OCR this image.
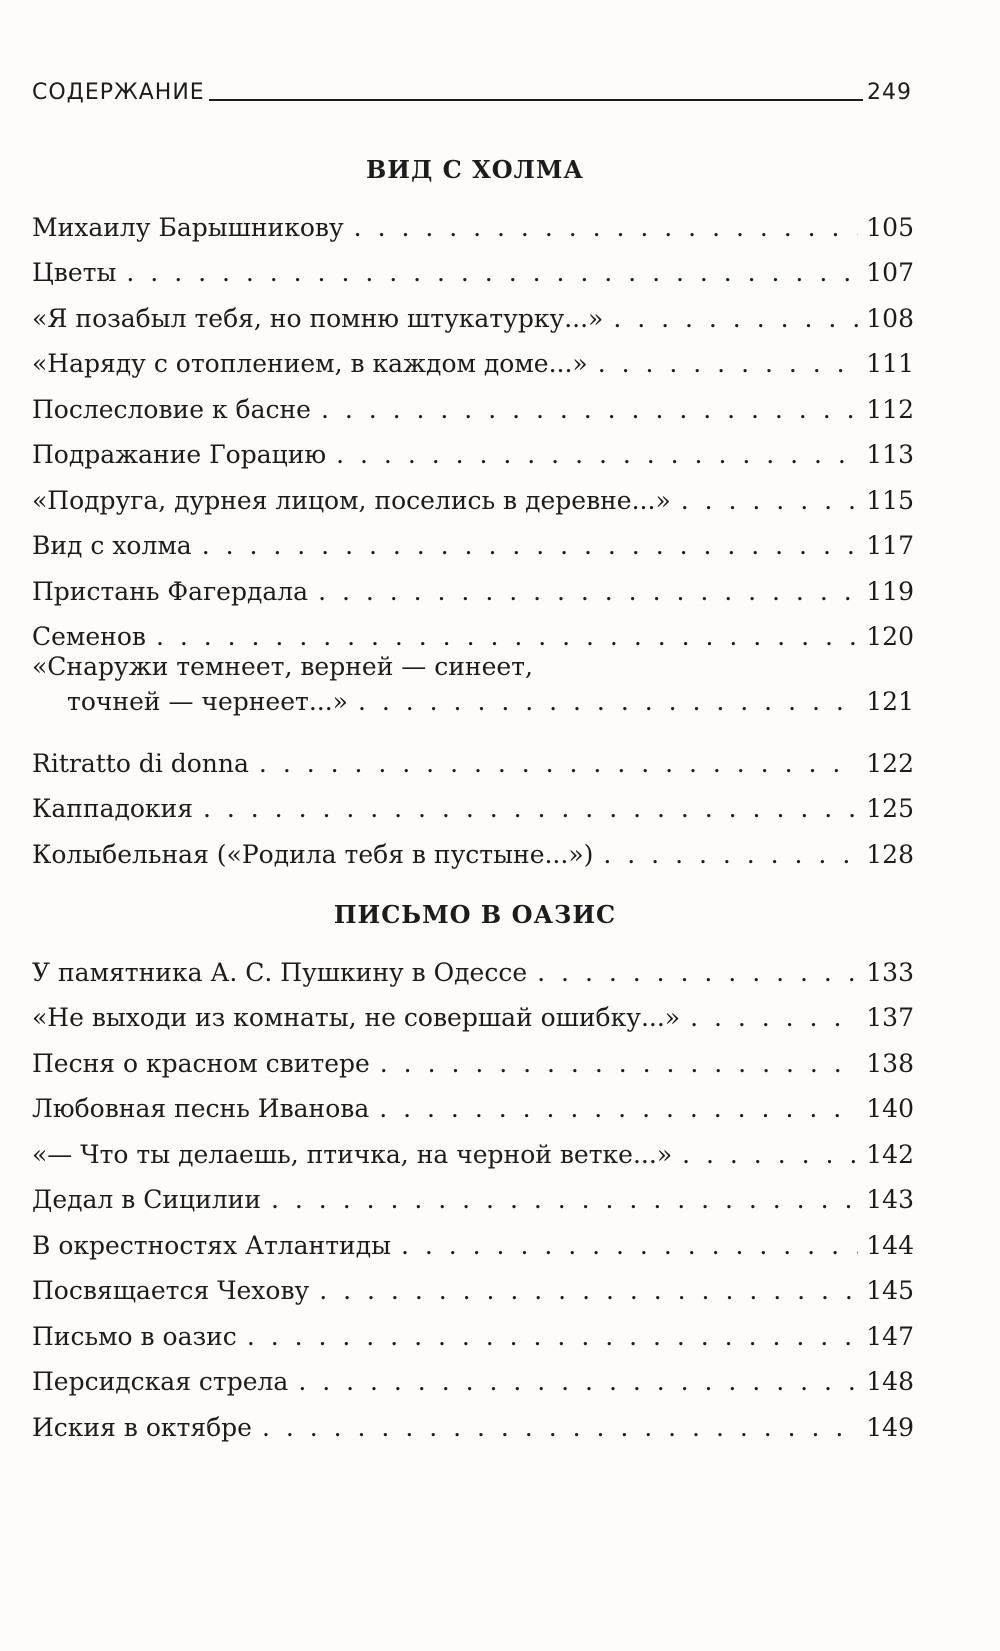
СОДЕРЖАНИЕ	249
ВИД С ХОЛМА
Михаилу Барышникову . . .	105
Цветы . . .	107
«Я позабыл тебя, но помню штукатурку...» . . .	108
«Наряду с отоплением, в каждом доме...» . . .	111
Послесловие к басне . . .	112
Подражание Горацию . . .	113
«Подруга, дурнея лицом, поселись в деревне...» . . .	115
Вид с холма . . .	117
Пристань Фагердала . . .	119
Семенов . . .	120
«Снаружи темнеет, верней — синеет,
точней — чернеет...» . . .	121
Ritratto di donna . . .	122
Каппадокия . . .	125
Колыбельная («Родила тебя в пустыне...») . . .	128
ПИСЬМО В ОАЗИС
У памятника А. С. Пушкину в Одессе . . .	133
«Не выходи из комнаты, не совершай ошибку...» . . .	137
Песня о красном свитере . . .	138
Любовная песнь Иванова . . .	140
«— Что ты делаешь, птичка, на черной ветке...» . . .	142
Дедал в Сицилии . . .	143
В окрестностях Атлантиды . . .	144
Посвящается Чехову . . .	145
Письмо в оазис . . .	147
Персидская стрела . . .	148
Иския в октябре . . .	149
